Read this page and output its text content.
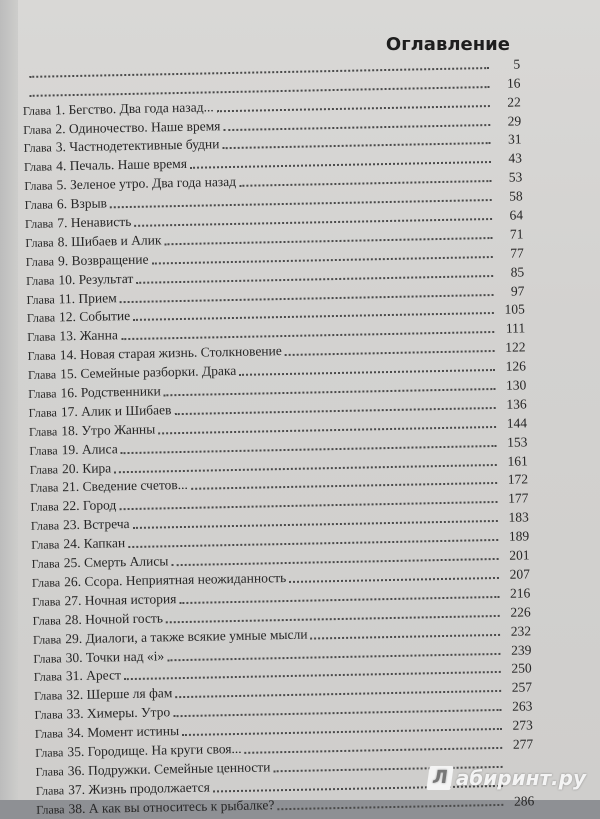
Оглавление
5
16
Глава 1. Бегство. Два года назад...	22
Глава 2. Одиночество. Наше время	29
Глава 3. Частнодетективные будни	31
Глава 4. Печаль. Наше время	43
Глава 5. Зеленое утро. Два года назад	53
Глава 6. Взрыв	58
Глава 7. Ненависть	64
Глава 8. Шибаев и Алик	71
Глава 9. Возвращение	77
Глава 10. Результат	85
Глава 11. Прием	97
Глава 12. Событие	105
Глава 13. Жанна	111
Глава 14. Новая старая жизнь. Столкновение	122
Глава 15. Семейные разборки. Драка	126
Глава 16. Родственники	130
Глава 17. Алик и Шибаев	136
Глава 18. Утро Жанны	144
Глава 19. Алиса	153
Глава 20. Кира	161
Глава 21. Сведение счетов...	172
Глава 22. Город	177
Глава 23. Встреча	183
Глава 24. Капкан	189
Глава 25. Смерть Алисы	201
Глава 26. Ссора. Неприятная неожиданность	207
Глава 27. Ночная история	216
Глава 28. Ночной гость	226
Глава 29. Диалоги, а также всякие умные мысли	232
Глава 30. Точки над «i»	239
Глава 31. Арест	250
Глава 32. Шерше ля фам	257
Глава 33. Химеры. Утро	263
Глава 34. Момент истины	273
Глава 35. Городище. На круги своя...	277
Глава 36. Подружки. Семейные ценности
Глава 37. Жизнь продолжается
Глава 38. А как вы относитесь к рыбалке?	286
Л абиринт.ру
